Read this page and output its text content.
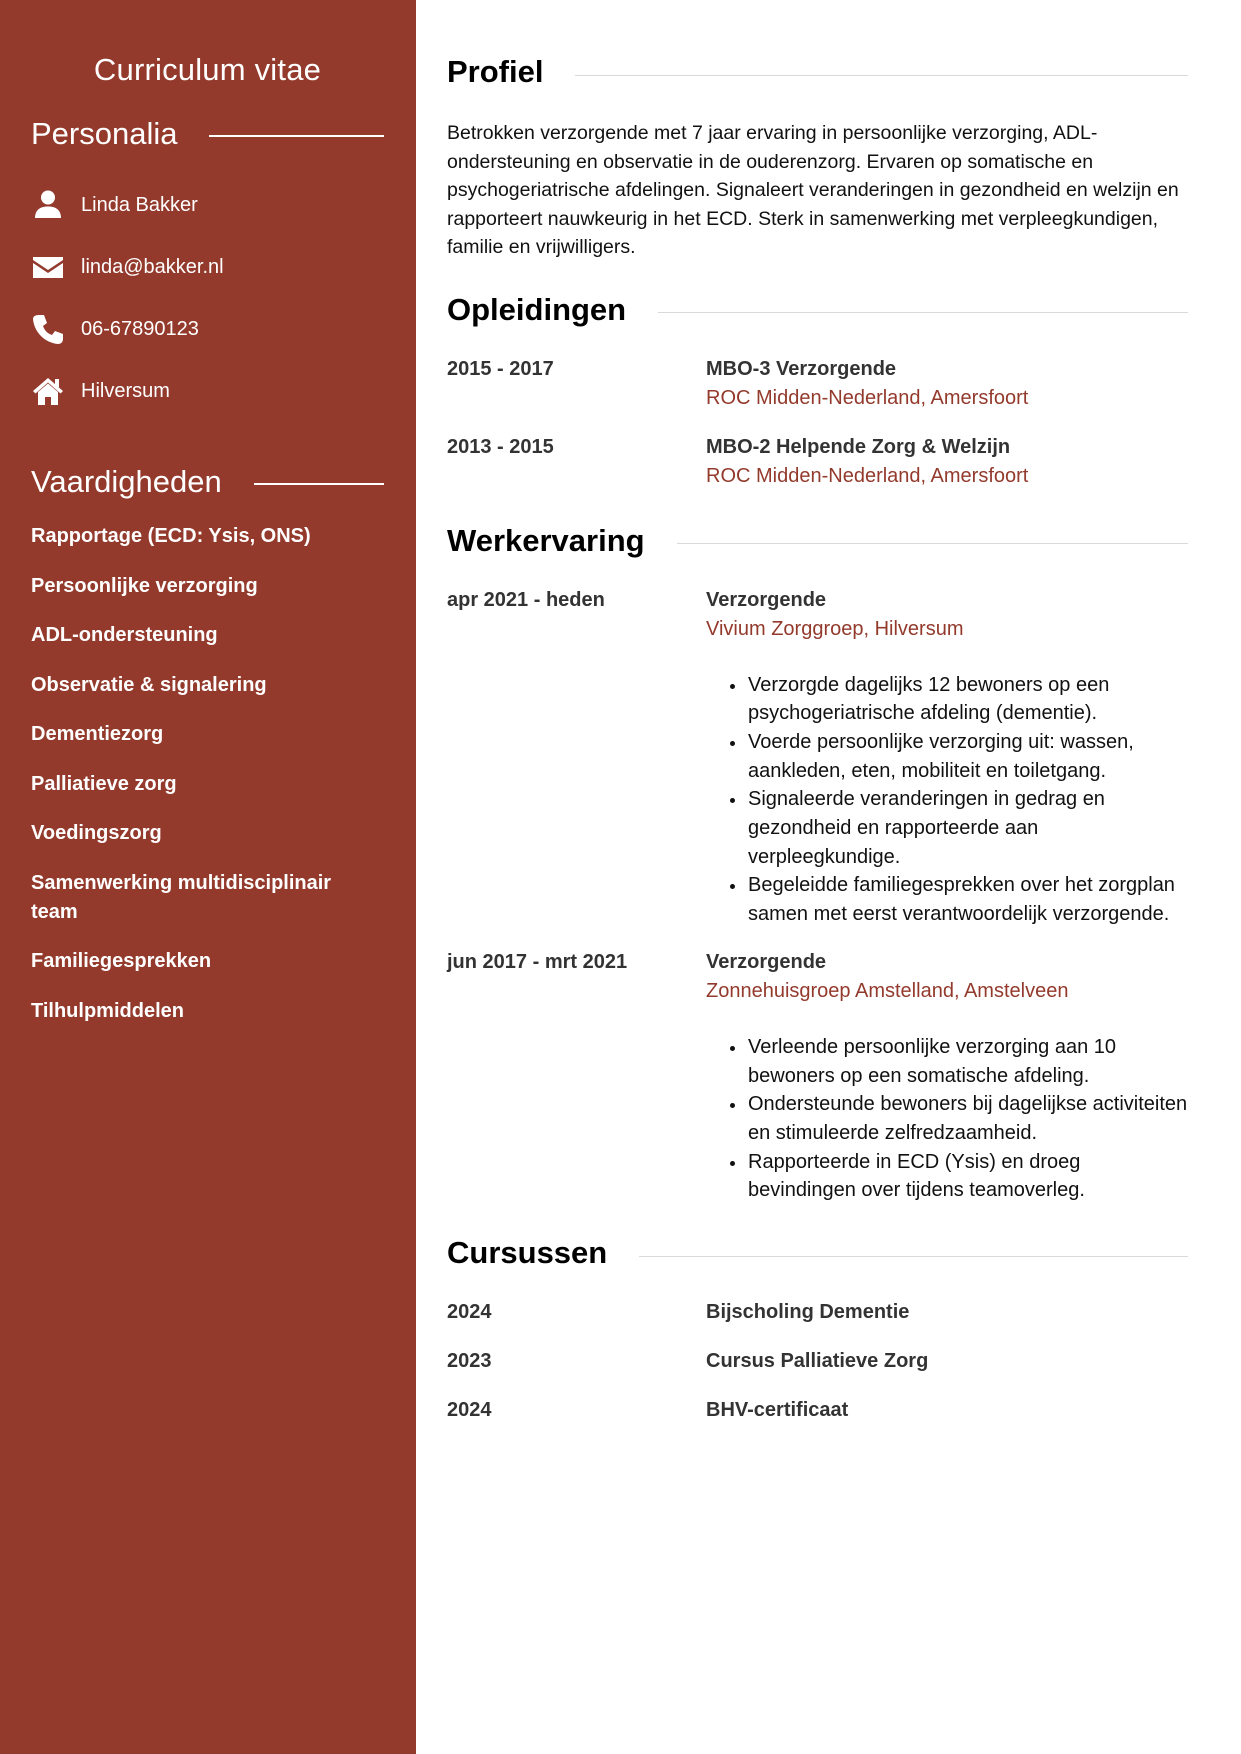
Curriculum vitae
Personalia
Linda Bakker
linda@bakker.nl
06-67890123
Hilversum
Vaardigheden
Rapportage (ECD: Ysis, ONS)
Persoonlijke verzorging
ADL-ondersteuning
Observatie & signalering
Dementiezorg
Palliatieve zorg
Voedingszorg
Samenwerking multidisciplinair team
Familiegesprekken
Tilhulpmiddelen
Profiel

Betrokken verzorgende met 7 jaar ervaring in persoonlijke verzorging, ADL-ondersteuning en observatie in de ouderenzorg. Ervaren op somatische en psychogeriatrische afdelingen. Signaleert veranderingen in gezondheid en welzijn en rapporteert nauwkeurig in het ECD. Sterk in samenwerking met verpleegkundigen, familie en vrijwilligers.

Opleidingen
2015 - 2017	MBO-3 Verzorgende
ROC Midden-Nederland, Amersfoort
2013 - 2015	MBO-2 Helpende Zorg & Welzijn
ROC Midden-Nederland, Amersfoort
Werkervaring
apr 2021 - heden	Verzorgende
Vivium Zorggroep, Hilversum
• Verzorgde dagelijks 12 bewoners op een psychogeriatrische afdeling (dementie).
• Voerde persoonlijke verzorging uit: wassen, aankleden, eten, mobiliteit en toiletgang.
• Signaleerde veranderingen in gedrag en gezondheid en rapporteerde aan verpleegkundige.
• Begeleidde familiegesprekken over het zorgplan samen met eerst verantwoordelijk verzorgende.
jun 2017 - mrt 2021	Verzorgende
Zonnehuisgroep Amstelland, Amstelveen
• Verleende persoonlijke verzorging aan 10 bewoners op een somatische afdeling.
• Ondersteunde bewoners bij dagelijkse activiteiten en stimuleerde zelfredzaamheid.
• Rapporteerde in ECD (Ysis) en droeg bevindingen over tijdens teamoverleg.
Cursussen
2024	Bijscholing Dementie
2023	Cursus Palliatieve Zorg
2024	BHV-certificaat
